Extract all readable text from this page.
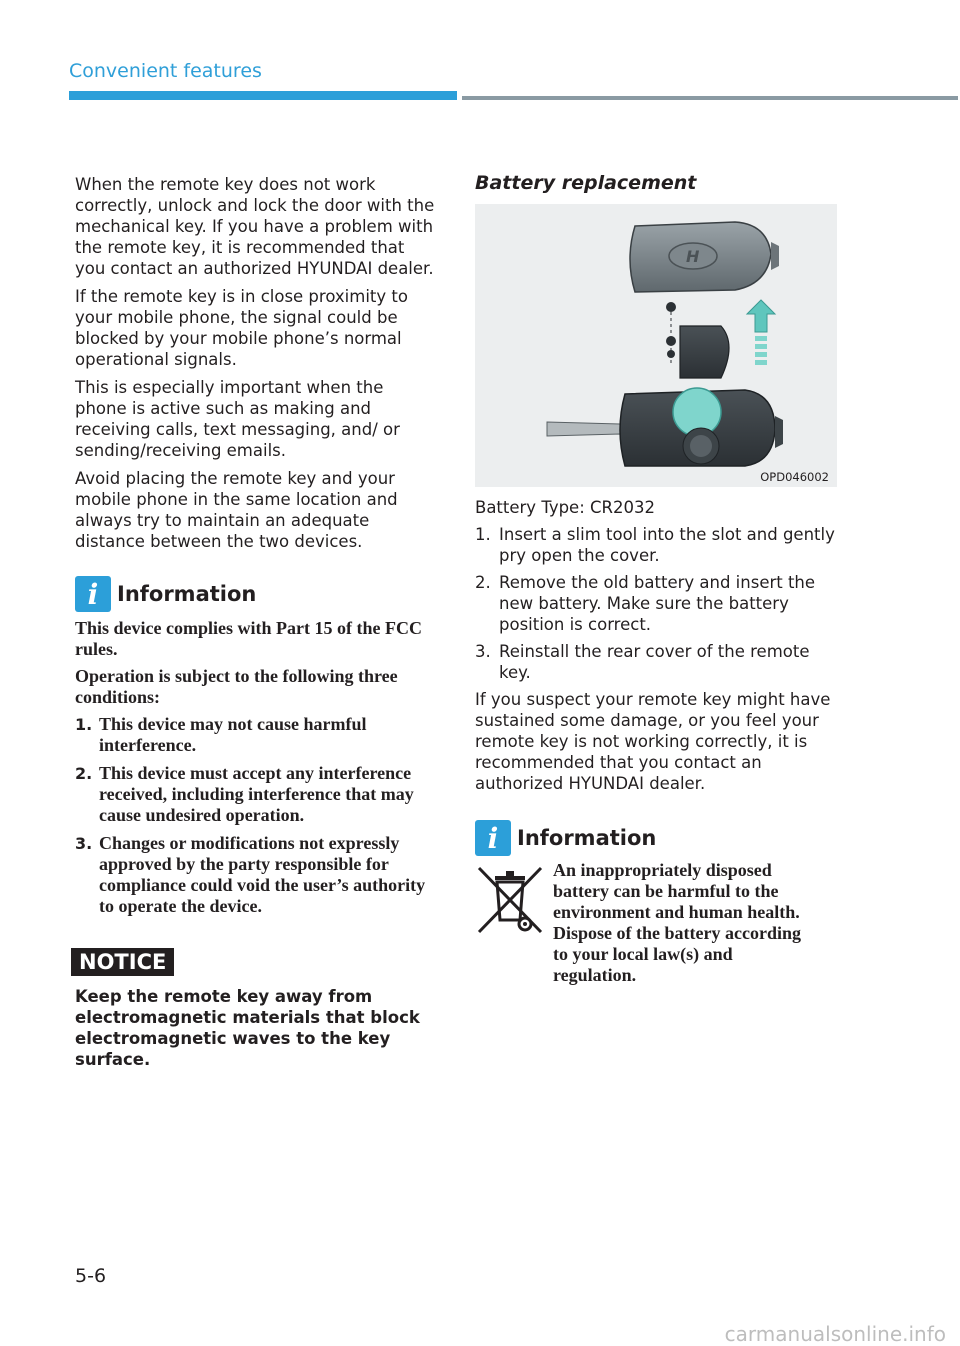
Convenient features

When the remote key does not work correctly, unlock and lock the door with the mechanical key. If you have a problem with the remote key, it is recommended that you contact an authorized HYUNDAI dealer.

If the remote key is in close proximity to your mobile phone, the signal could be blocked by your mobile phone’s normal operational signals.

This is especially important when the phone is active such as making and receiving calls, text messaging, and/ or sending/receiving emails.

Avoid placing the remote key and your mobile phone in the same location and always try to maintain an adequate distance between the two devices.

i Information

This device complies with Part 15 of the FCC rules.

Operation is subject to the following three conditions:

1. This device may not cause harmful interference.
2. This device must accept any interference received, including interference that may cause undesired operation.
3. Changes or modifications not expressly approved by the party responsible for compliance could void the user’s authority to operate the device.
NOTICE
Keep the remote key away from electromagnetic materials that block electromagnetic waves to the key surface.
Battery replacement
H
OPD046002

Battery Type: CR2032

1. Insert a slim tool into the slot and gently pry open the cover.
2. Remove the old battery and insert the new battery. Make sure the battery position is correct.
3. Reinstall the rear cover of the remote key.

If you suspect your remote key might have sustained some damage, or you feel your remote key is not working correctly, it is recommended that you contact an authorized HYUNDAI dealer.

i Information

An inappropriately disposed battery can be harmful to the environment and human health. Dispose of the battery according to your local law(s) and regulation.

5-6
carmanualsonline.info
